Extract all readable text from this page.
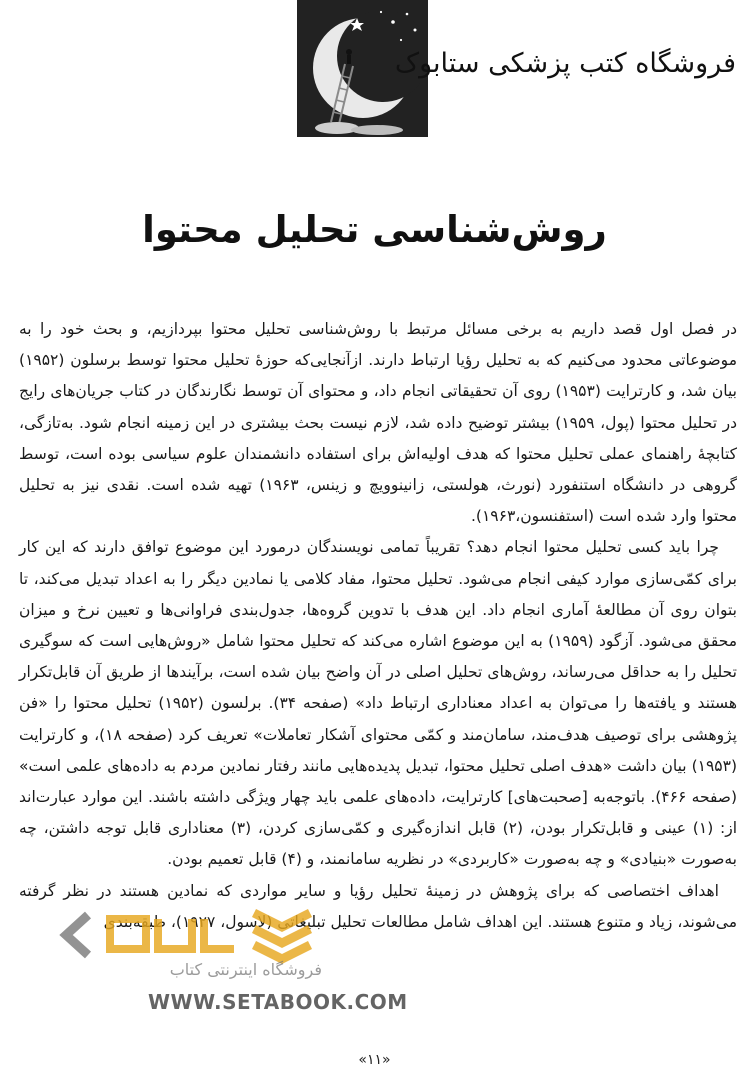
فروشگاه کتب پزشکی ستابوک
روش‌شناسی تحلیل محتوا

در فصل اول قصد داریم به برخی مسائل مرتبط با روش‌شناسی تحلیل محتوا بپردازیم، و بحث خود را به موضوعاتی محدود می‌کنیم که به تحلیل رؤیا ارتباط دارند. ازآنجایی‌که حوزهٔ تحلیل محتوا توسط برسلون (۱۹۵۲) بیان شد، و کارترایت (۱۹۵۳) روی آن تحقیقاتی انجام داد، و محتوای آن توسط نگارندگان در کتاب جریان‌های رایج در تحلیل محتوا (پول، ۱۹۵۹) بیشتر توضیح داده شد، لازم نیست بحث بیشتری در این زمینه انجام شود. به‌تازگی، کتابچهٔ راهنمای عملی تحلیل محتوا که هدف اولیه‌اش برای استفاده دانشمندان علوم سیاسی بوده است، توسط گروهی در دانشگاه استنفورد (نورث، هولستی، زانینوویچ و زینس، ۱۹۶۳) تهیه شده است. نقدی نیز به تحلیل محتوا وارد شده است (استفنسون،۱۹۶۳).

چرا باید کسی تحلیل محتوا انجام دهد؟ تقریباً تمامی نویسندگان درمورد این موضوع توافق دارند که این کار برای کمّی‌سازی موارد کیفی انجام می‌شود. تحلیل محتوا، مفاد کلامی یا نمادین دیگر را به اعداد تبدیل می‌کند، تا بتوان روی آن مطالعهٔ آماری انجام داد. این هدف با تدوین گروه‌ها، جدول‌بندی فراوانی‌ها و تعیین نرخ و میزان محقق می‌شود. آزگود (۱۹۵۹) به این موضوع اشاره می‌کند که تحلیل محتوا شامل «روش‌هایی است که سوگیری تحلیل را به حداقل می‌رساند، روش‌های تحلیل اصلی در آن واضح بیان شده است، برآیندها از طریق آن قابل‌تکرار هستند و یافته‌ها را می‌توان به اعداد معناداری ارتباط داد» (صفحه ۳۴). برلسون (۱۹۵۲) تحلیل محتوا را «فن پژوهشی برای توصیف هدف‌مند، سامان‌مند و کمّی محتوای آشکار تعاملات» تعریف کرد (صفحه ۱۸)، و کارترایت (۱۹۵۳) بیان داشت «هدف اصلی تحلیل محتوا، تبدیل پدیده‌هایی مانند رفتار نمادین مردم به داده‌های علمی است» (صفحه ۴۶۶). باتوجه‌به [صحبت‌های] کارترایت، داده‌های علمی باید چهار ویژگی داشته باشند. این موارد عبارت‌اند از: (۱) عینی و قابل‌تکرار بودن، (۲) قابل اندازه‌گیری و کمّی‌سازی کردن، (۳) معناداری قابل توجه داشتن، چه به‌صورت «بنیادی» و چه به‌صورت «کاربردی» در نظریه سامانمند، و (۴) قابل تعمیم بودن.

اهداف اختصاصی که برای پژوهش در زمینهٔ تحلیل رؤیا و سایر مواردی که نمادین هستند در نظر گرفته می‌شوند، زیاد و متنوع هستند. این اهداف شامل مطالعات تحلیل تبلیغاتی (لاسول، ۱۹۲۷)، طبقه‌بندی

فروشگاه اینترنتی کتاب
WWW.SETABOOK.COM
«۱۱»
